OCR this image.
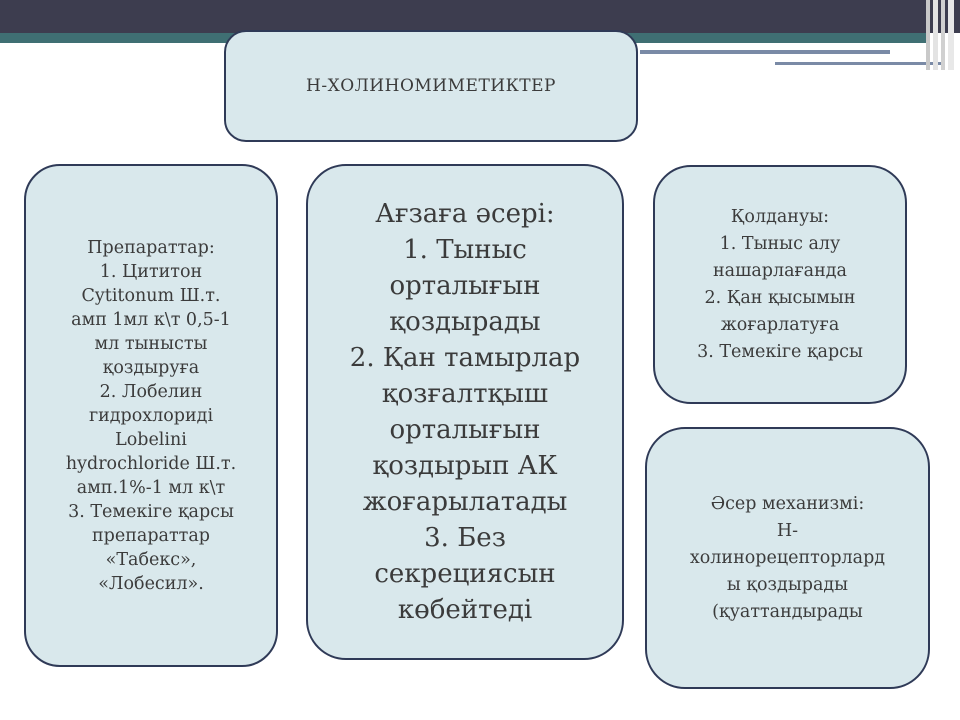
Н-ХОЛИНОМИМЕТИКТЕР
Препараттар:
1. Цититон
Cytitonum Ш.т.
амп 1мл к\т 0,5-1
мл тынысты
қоздыруға
2. Лобелин
гидрохлориді
Lobelini
hydrochloride Ш.т.
амп.1%-1 мл к\т
3. Темекіге қарсы
препараттар
«Табекс»,
«Лобесил».
Ағзаға әсері:
1. Тыныс
орталығын
қоздырады
2. Қан тамырлар
қозғалтқыш
орталығын
қоздырып АК
жоғарылатады
3. Без
секрециясын
көбейтеді
Қолдануы:
1. Тыныс алу
нашарлағанда
2. Қан қысымын
жоғарлатуға
3. Темекіге қарсы
Әсер механизмі:
Н-
холинорецепторлард
ы қоздырады
(қуаттандырады
